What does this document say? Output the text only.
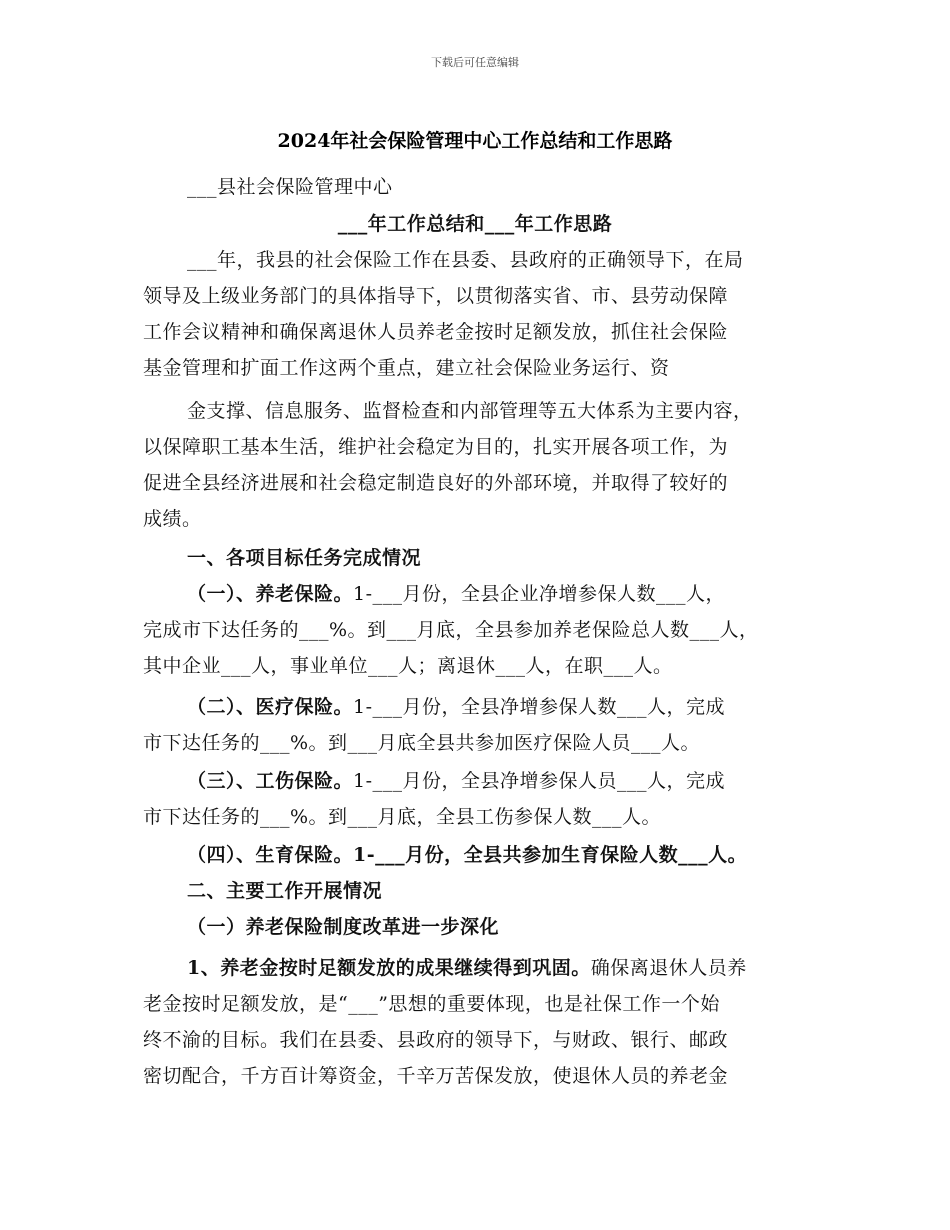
下载后可任意编辑
2024年社会保险管理中心工作总结和工作思路
___县社会保险管理中心
___年工作总结和___年工作思路
___年，我县的社会保险工作在县委、县政府的正确领导下，在局
领导及上级业务部门的具体指导下，以贯彻落实省、市、县劳动保障
工作会议精神和确保离退休人员养老金按时足额发放，抓住社会保险
基金管理和扩面工作这两个重点，建立社会保险业务运行、资
金支撑、信息服务、监督检查和内部管理等五大体系为主要内容，
以保障职工基本生活，维护社会稳定为目的，扎实开展各项工作，为
促进全县经济进展和社会稳定制造良好的外部环境，并取得了较好的
成绩。
一、各项目标任务完成情况
（一）、养老保险。1-___月份，全县企业净增参保人数___人，
完成市下达任务的___%。到___月底，全县参加养老保险总人数___人，
其中企业___人，事业单位___人；离退休___人，在职___人。
（二）、医疗保险。1-___月份，全县净增参保人数___人，完成
市下达任务的___%。到___月底全县共参加医疗保险人员___人。
（三）、工伤保险。1-___月份，全县净增参保人员___人，完成
市下达任务的___%。到___月底，全县工伤参保人数___人。
（四）、生育保险。1-___月份，全县共参加生育保险人数___人。
二、主要工作开展情况
（一）养老保险制度改革进一步深化
1、养老金按时足额发放的成果继续得到巩固。确保离退休人员养
老金按时足额发放，是“___”思想的重要体现，也是社保工作一个始
终不渝的目标。我们在县委、县政府的领导下，与财政、银行、邮政
密切配合，千方百计筹资金，千辛万苦保发放，使退休人员的养老金
